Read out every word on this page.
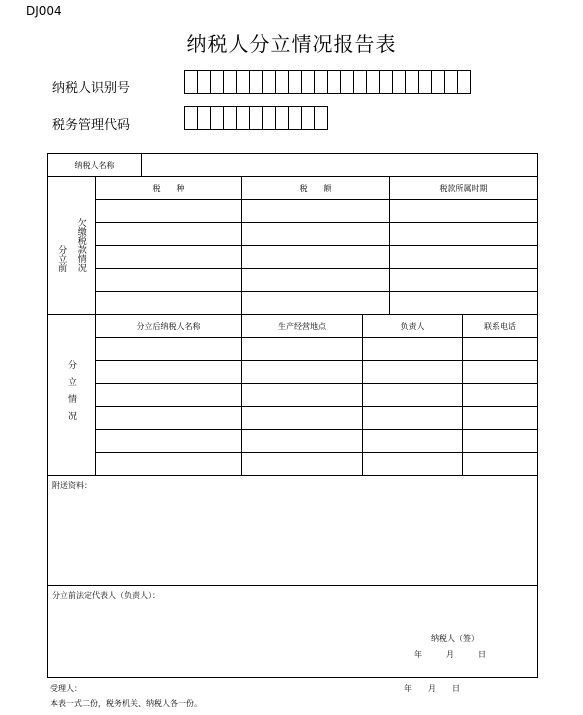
DJ004
纳税人分立情况报告表
纳税人识别号
税务管理代码
纳税人名称						
分立前 欠缴税款情况	税　　种		税　　额		税款所属时期	

分立情况	分立后纳税人名称		生产经营地点	负责人		联系电话

附送资料：						
分立前法定代表人（负责人）：
纳税人（签）
年　　　月　　　日						
受理人：	年　　月　　日
本表一式二份，税务机关、纳税人各一份。
